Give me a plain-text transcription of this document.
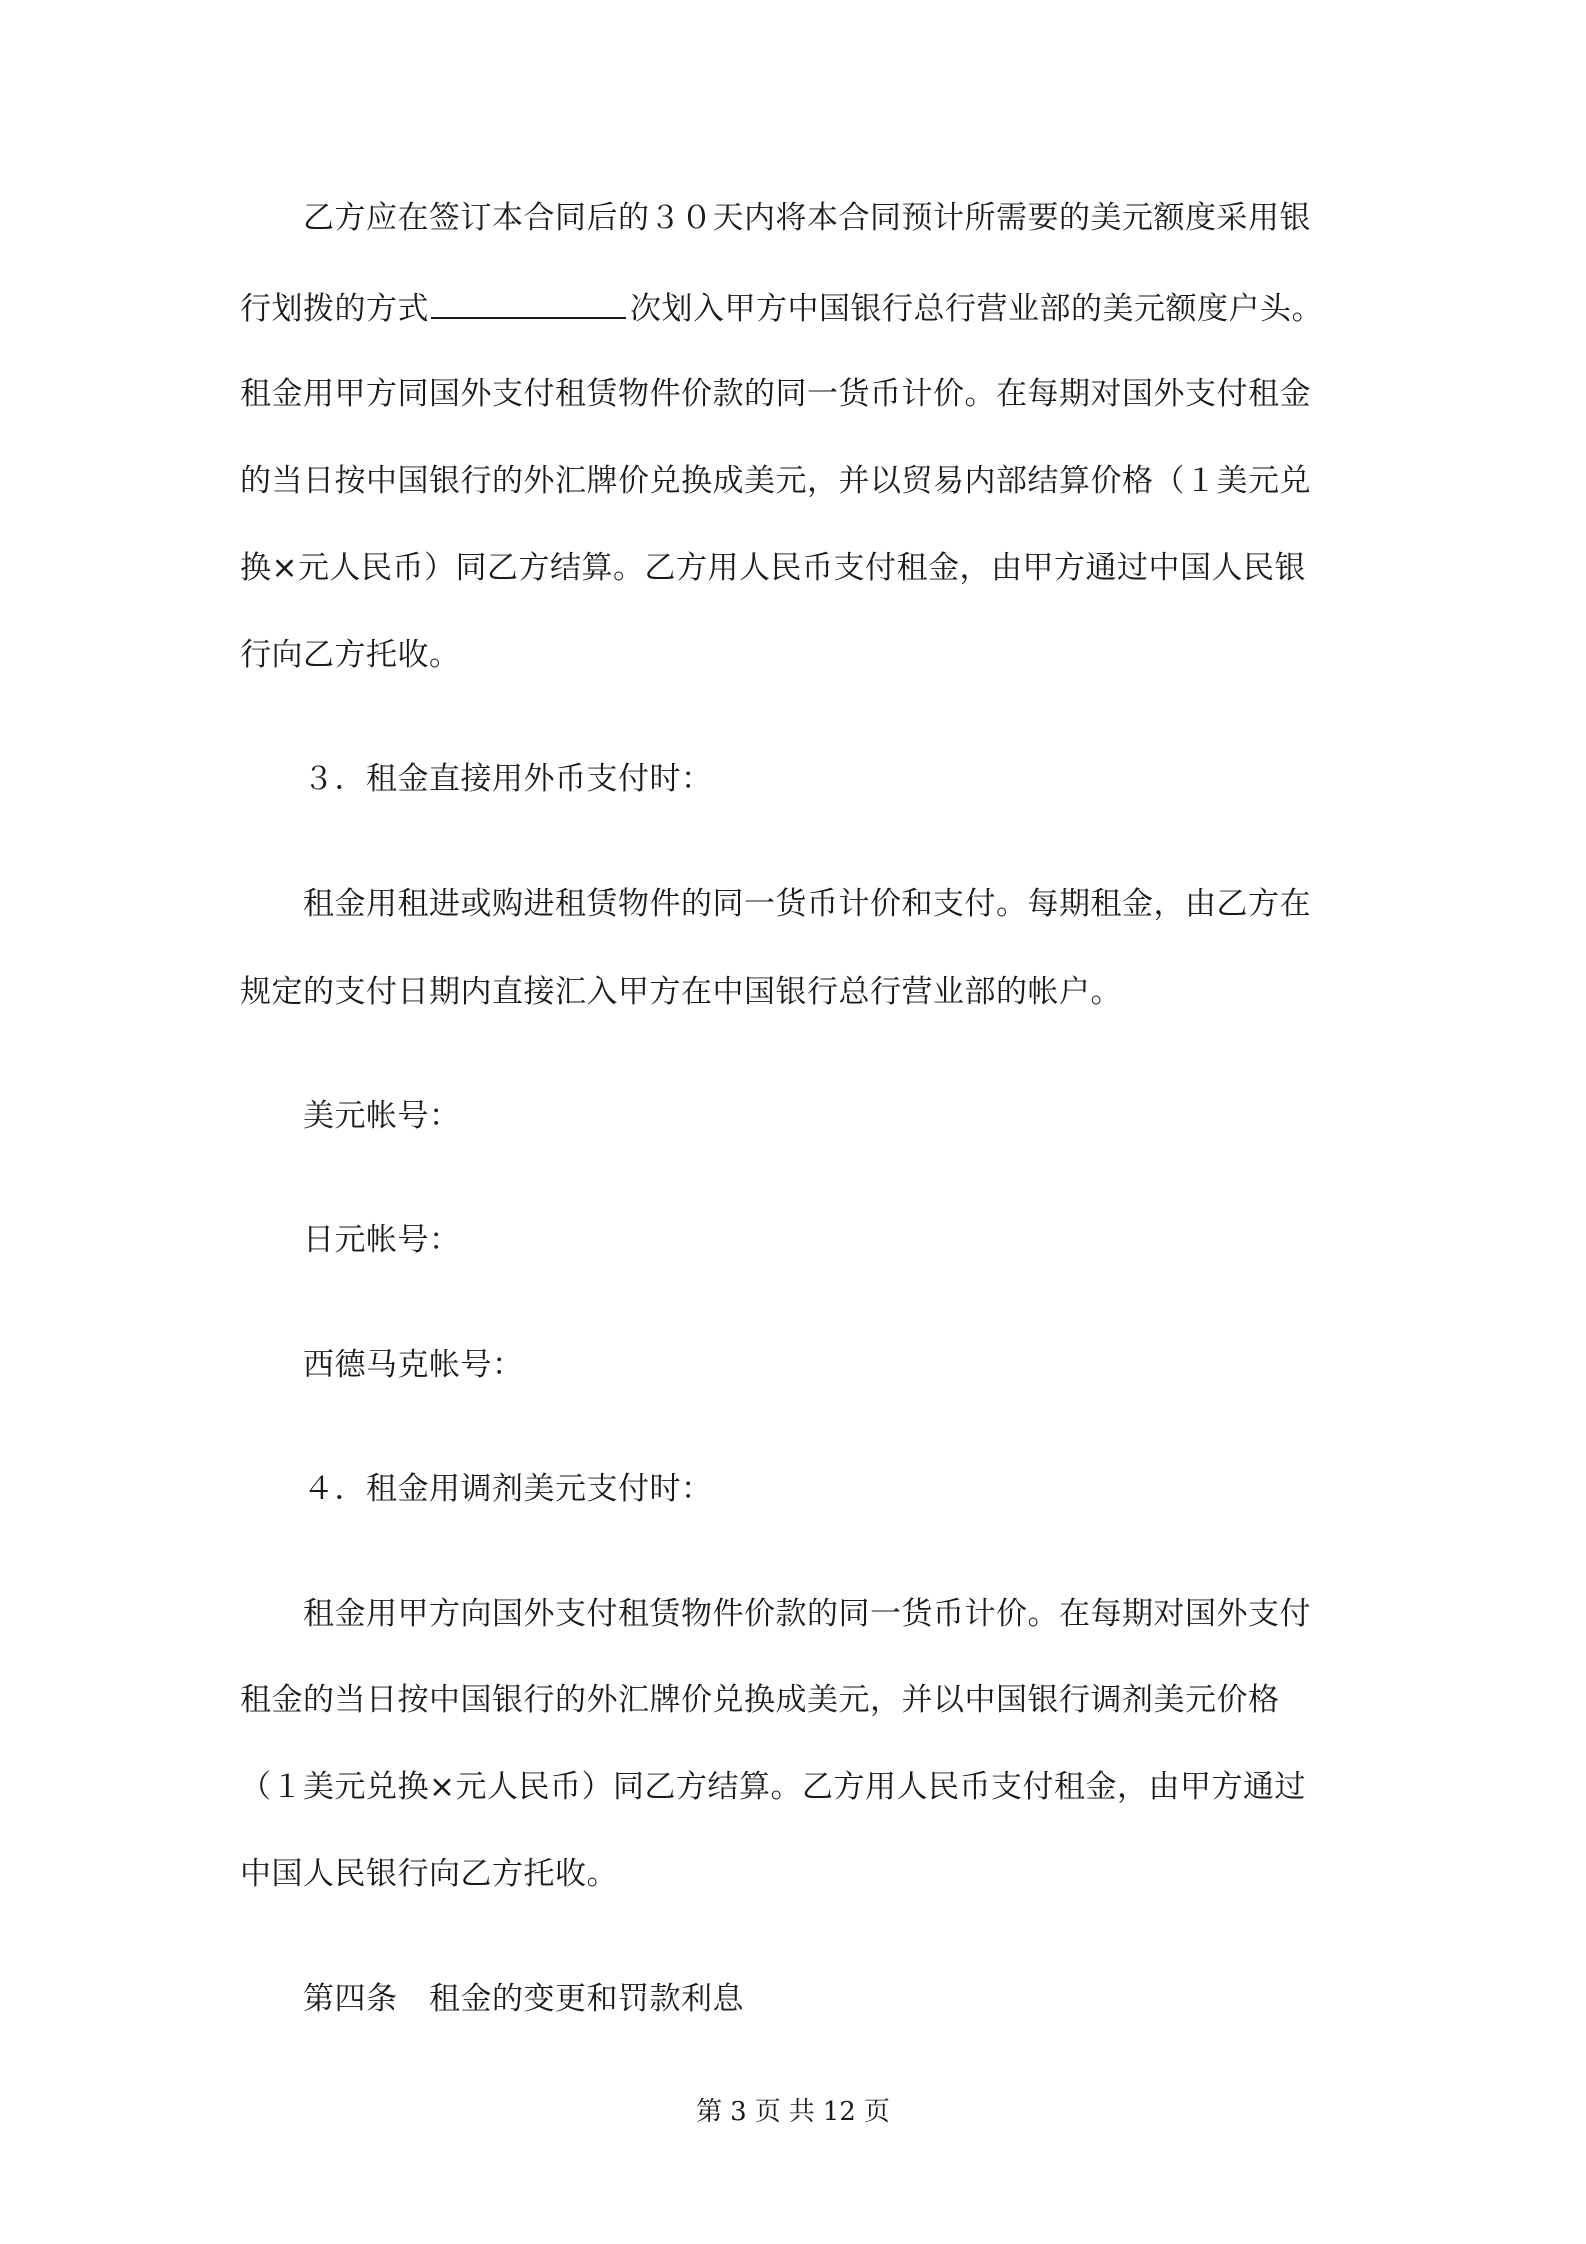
乙方应在签订本合同后的３０天内将本合同预计所需要的美元额度采用银
行划拨的方式	次划入甲方中国银行总行营业部的美元额度户头。
租金用甲方同国外支付租赁物件价款的同一货币计价。在每期对国外支付租金
的当日按中国银行的外汇牌价兑换成美元，并以贸易内部结算价格（１美元兑
换×元人民币）同乙方结算。乙方用人民币支付租金，由甲方通过中国人民银
行向乙方托收。
３．租金直接用外币支付时：
租金用租进或购进租赁物件的同一货币计价和支付。每期租金，由乙方在
规定的支付日期内直接汇入甲方在中国银行总行营业部的帐户。
美元帐号：
日元帐号：
西德马克帐号：
４．租金用调剂美元支付时：
租金用甲方向国外支付租赁物件价款的同一货币计价。在每期对国外支付
租金的当日按中国银行的外汇牌价兑换成美元，并以中国银行调剂美元价格
（１美元兑换×元人民币）同乙方结算。乙方用人民币支付租金，由甲方通过
中国人民银行向乙方托收。
第四条　租金的变更和罚款利息
第 3 页 共 12 页
